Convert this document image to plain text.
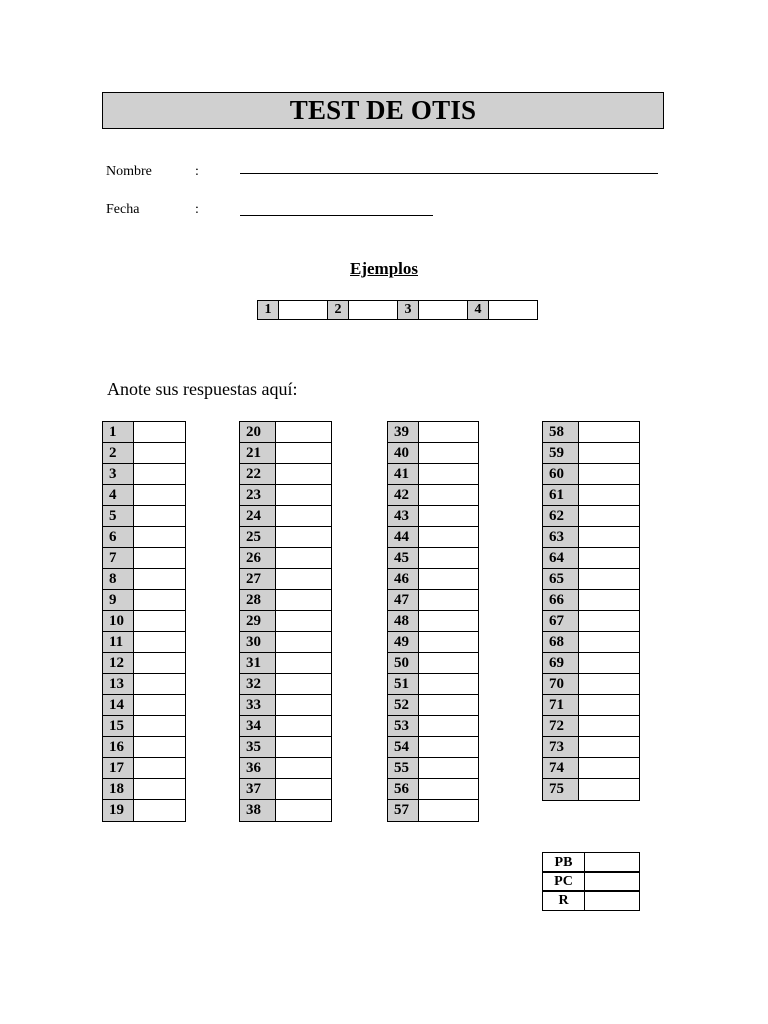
TEST DE OTIS
Nombre	:
Fecha	:
Ejemplos
1	2	3	4
Anote sus respuestas aquí:
1
2
3
4
5
6
7
8
9
10
11
12
13
14
15
16
17
18
19
20
21
22
23
24
25
26
27
28
29
30
31
32
33
34
35
36
37
38
39
40
41
42
43
44
45
46
47
48
49
50
51
52
53
54
55
56
57
58
59
60
61
62
63
64
65
66
67
68
69
70
71
72
73
74
75
PB
PC
R
